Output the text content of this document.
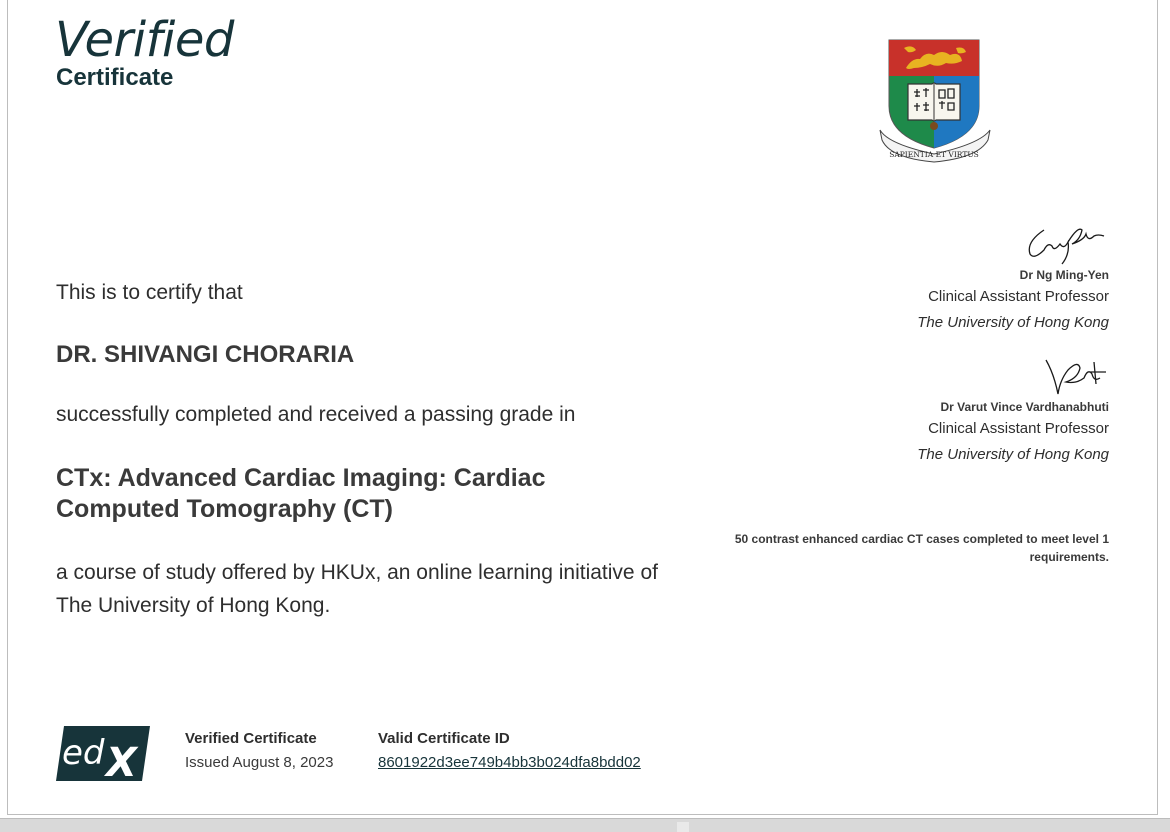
Verified
Certificate
SAPIENTIA ET VIRTUS
This is to certify that
DR. SHIVANGI CHORARIA
successfully completed and received a passing grade in
CTx: Advanced Cardiac Imaging: Cardiac Computed Tomography (CT)
a course of study offered by HKUx, an online learning initiative of The University of Hong Kong.
Dr Ng Ming-Yen
Clinical Assistant Professor
The University of Hong Kong
Dr Varut Vince Vardhanabhuti
Clinical Assistant Professor
The University of Hong Kong
50 contrast enhanced cardiac CT cases completed to meet level 1 requirements.
ed X
Verified Certificate
Issued August 8, 2023
Valid Certificate ID
8601922d3ee749b4bb3b024dfa8bdd02
